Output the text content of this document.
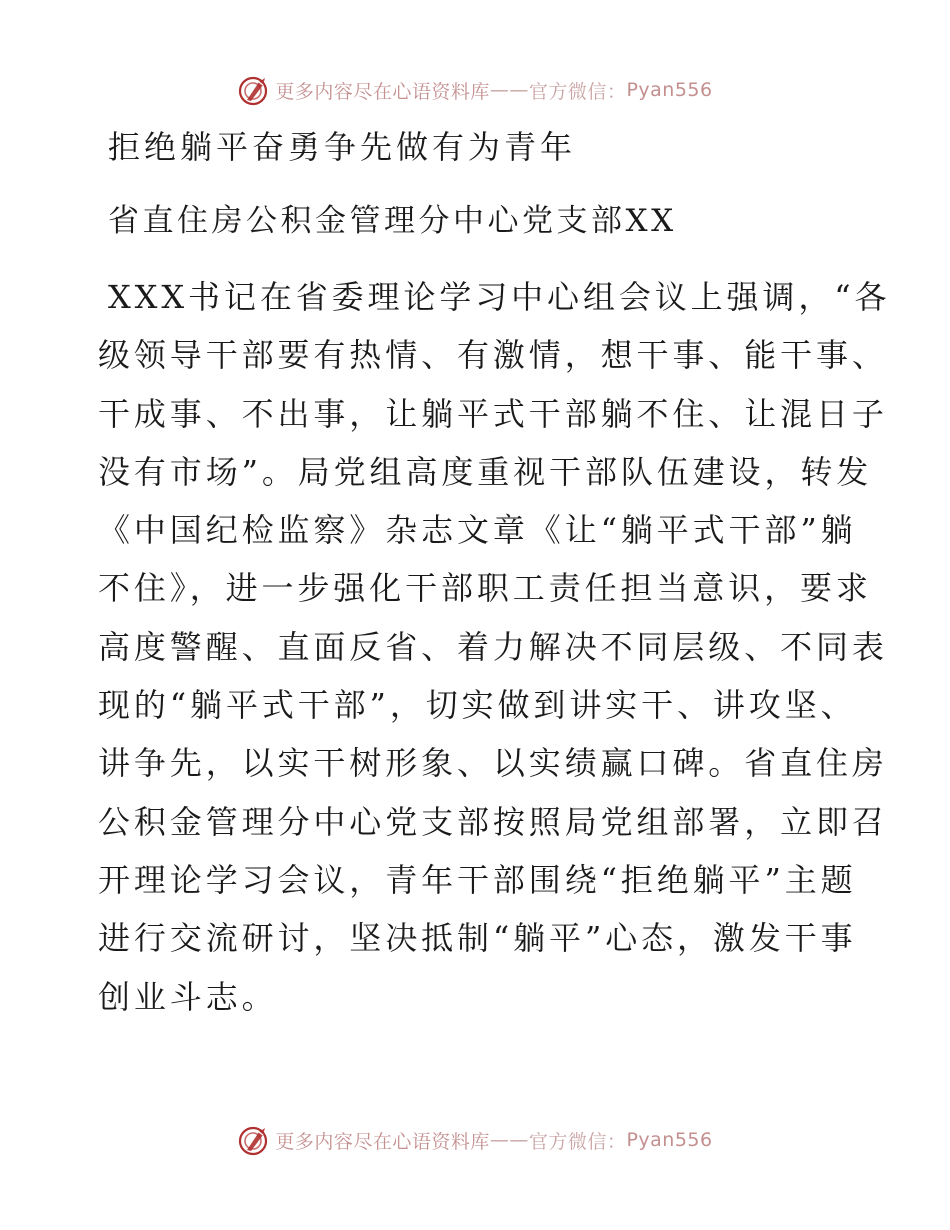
更多内容尽在心语资料库 —— 官方微信： Pyan556
拒绝躺平奋勇争先做有为青年
省直住房公积金管理分中心党支部XX
XXX书记在省委理论学习中心组会议上强调，“各
级领导干部要有热情、有激情，想干事、能干事、
干成事、不出事，让躺平式干部躺不住、让混日子
没有市场”。局党组高度重视干部队伍建设，转发
《中国纪检监察》杂志文章《让“躺平式干部”躺
不住》，进一步强化干部职工责任担当意识，要求
高度警醒、直面反省、着力解决不同层级、不同表
现的“躺平式干部”，切实做到讲实干、讲攻坚、
讲争先，以实干树形象、以实绩赢口碑。省直住房
公积金管理分中心党支部按照局党组部署，立即召
开理论学习会议，青年干部围绕“拒绝躺平”主题
进行交流研讨，坚决抵制“躺平”心态，激发干事
创业斗志。
更多内容尽在心语资料库 —— 官方微信： Pyan556
